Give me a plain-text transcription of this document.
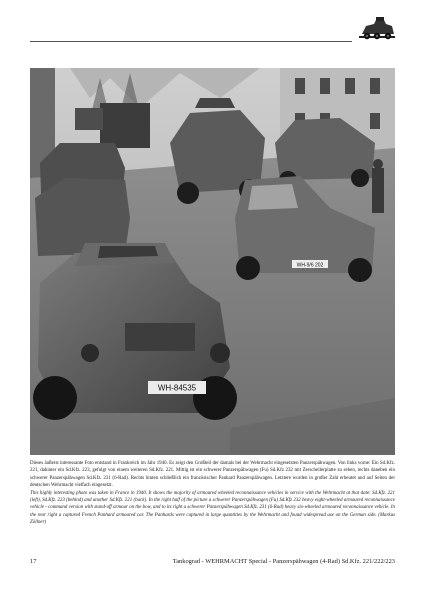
WH-9/6 202
WH-84535

Dieses äußerst interessante Foto entstand in Frankreich im Jahr 1940. Es zeigt den Großteil der damals bei der Wehrmacht eingesetzten Panzerspähwagen. Von links vorne: Ein Sd.Kfz. 221, dahinter ein Sd.Kfz. 223, gefolgt von einem weiteren Sd.Kfz. 221. Mittig ist ein schwerer Panzerspähwagen (Fu) Sd.Kfz 232 mit Zerschellerplatte zu sehen, rechts daneben ein schwerer Panzerspähwagen Sd.Kfz. 231 (6-Rad). Rechts hinten schließlich ein französischer Panhard Panzerspähwagen. Letztere wurden in großer Zahl erbeutet und auf Seiten der deutschen Wehrmacht vielfach eingesetzt.

This highly interesting photo was taken in France in 1940. It shows the majority of armoured wheeled reconnaissance vehicles in service with the Wehrmacht at that date: Sd.Kfz. 221 (left), Sd.Kfz. 223 (behind) and another Sd.Kfz. 221 (back). In the right half of the picture a schwerer Panzerspähwagen (Fu) Sd.Kfz 232 heavy eight-wheeled armoured reconnaissance vehicle - command version with stand-off armour on the bow, and to its right a schwerer Panzerspähwagen Sd.Kfz. 231 (6-Rad) heavy six-wheeled armoured reconnaissance vehicle. In the rear right a captured French Panhard armoured car. The Panhards were captured in large quantities by the Wehrmacht and found widespread use on the German side. (Markus Zöllner)

17	Tankograd - WEHRMACHT Special - Panzerspähwagen (4-Rad) Sd.Kfz. 221/222/223
